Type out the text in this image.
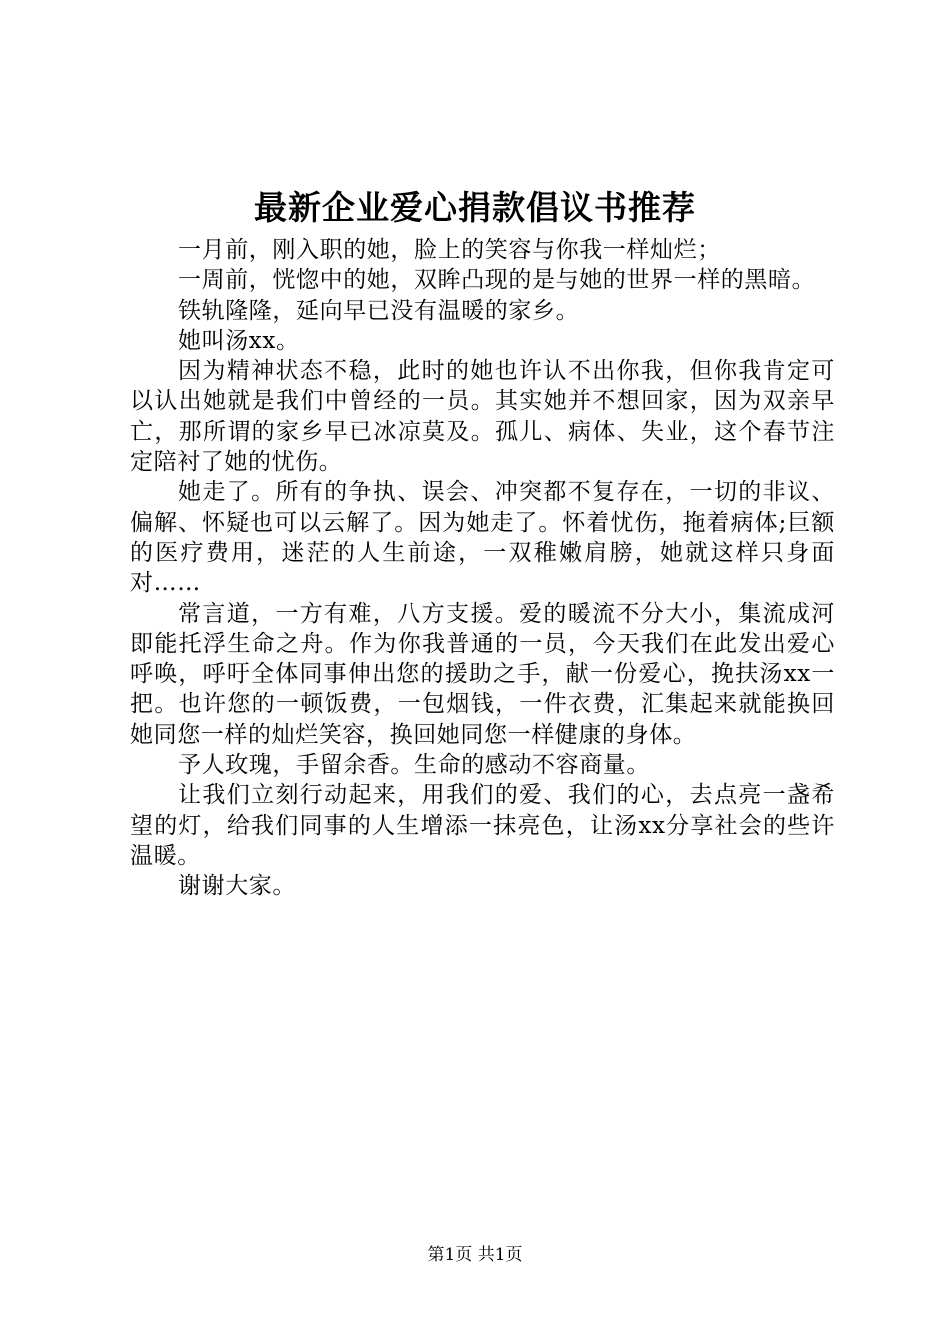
最新企业爱心捐款倡议书推荐

一月前，刚入职的她，脸上的笑容与你我一样灿烂；

一周前，恍惚中的她，双眸凸现的是与她的世界一样的黑暗。

铁轨隆隆，延向早已没有温暖的家乡。

她叫汤xx。

因为精神状态不稳，此时的她也许认不出你我，但你我肯定可以认出她就是我们中曾经的一员。其实她并不想回家，因为双亲早亡，那所谓的家乡早已冰凉莫及。孤儿、病体、失业，这个春节注定陪衬了她的忧伤。

她走了。所有的争执、误会、冲突都不复存在，一切的非议、偏解、怀疑也可以云解了。因为她走了。怀着忧伤，拖着病体;巨额的医疗费用，迷茫的人生前途，一双稚嫩肩膀，她就这样只身面对……

常言道，一方有难，八方支援。爱的暖流不分大小，集流成河即能托浮生命之舟。作为你我普通的一员，今天我们在此发出爱心呼唤，呼吁全体同事伸出您的援助之手，献一份爱心，挽扶汤xx一把。也许您的一顿饭费，一包烟钱，一件衣费，汇集起来就能换回她同您一样的灿烂笑容，换回她同您一样健康的身体。

予人玫瑰，手留余香。生命的感动不容商量。

让我们立刻行动起来，用我们的爱、我们的心，去点亮一盏希望的灯，给我们同事的人生增添一抹亮色，让汤xx分享社会的些许温暖。

谢谢大家。

第1页 共1页
